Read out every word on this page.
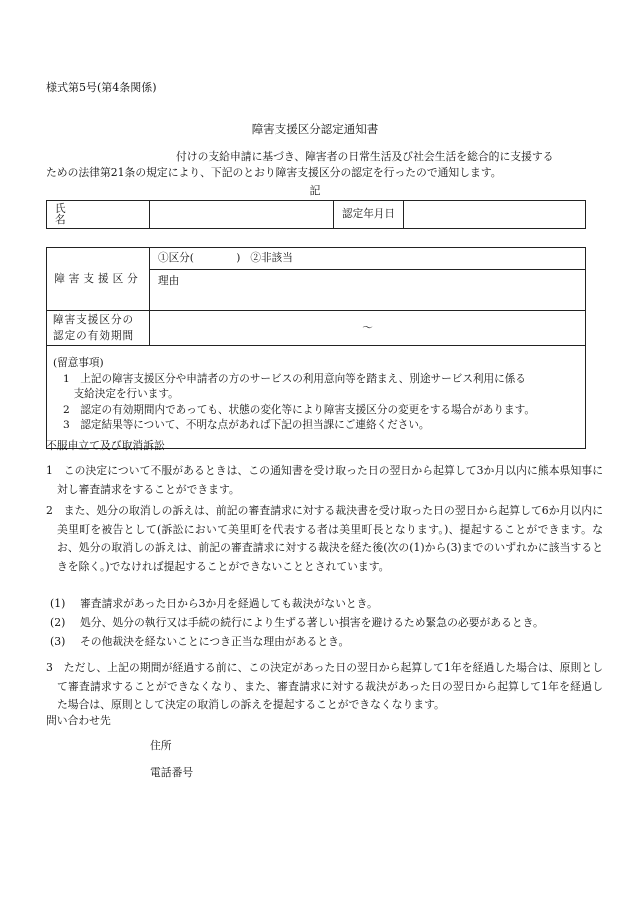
様式第5号(第4条関係)
障害支援区分認定通知書
付けの支給申請に基づき、障害者の日常生活及び社会生活を総合的に支援する
ための法律第21条の規定により、下記のとおり障害支援区分の認定を行ったので通知します。
記
氏名		認定年月日	
障害支援区分	①区分(　　　　) ②非該当
	理由

障害支援区分の
認定の有効期間	～

(留意事項)
1　上記の障害支援区分や申請者の方のサービスの利用意向等を踏まえ、別途サービス利用に係る
　支給決定を行います。
2　認定の有効期間内であっても、状態の変化等により障害支援区分の変更をする場合があります。
3　認定結果等について、不明な点があれば下記の担当課にご連絡ください。	
不服申立て及び取消訴訟
1　この決定について不服があるときは、この通知書を受け取った日の翌日から起算して3か月以内に熊本県知事に対し審査請求をすることができます。
2　また、処分の取消しの訴えは、前記の審査請求に対する裁決書を受け取った日の翌日から起算して6か月以内に美里町を被告として(訴訟において美里町を代表する者は美里町長となります。)、提起することができます。なお、処分の取消しの訴えは、前記の審査請求に対する裁決を経た後(次の(1)から(3)までのいずれかに該当するときを除く。)でなければ提起することができないこととされています。
(1) 審査請求があった日から3か月を経過しても裁決がないとき。
(2) 処分、処分の執行又は手続の続行により生ずる著しい損害を避けるため緊急の必要があるとき。
(3) その他裁決を経ないことにつき正当な理由があるとき。
3　ただし、上記の期間が経過する前に、この決定があった日の翌日から起算して1年を経過した場合は、原則として審査請求することができなくなり、また、審査請求に対する裁決があった日の翌日から起算して1年を経過した場合は、原則として決定の取消しの訴えを提起することができなくなります。
問い合わせ先
住所
電話番号
